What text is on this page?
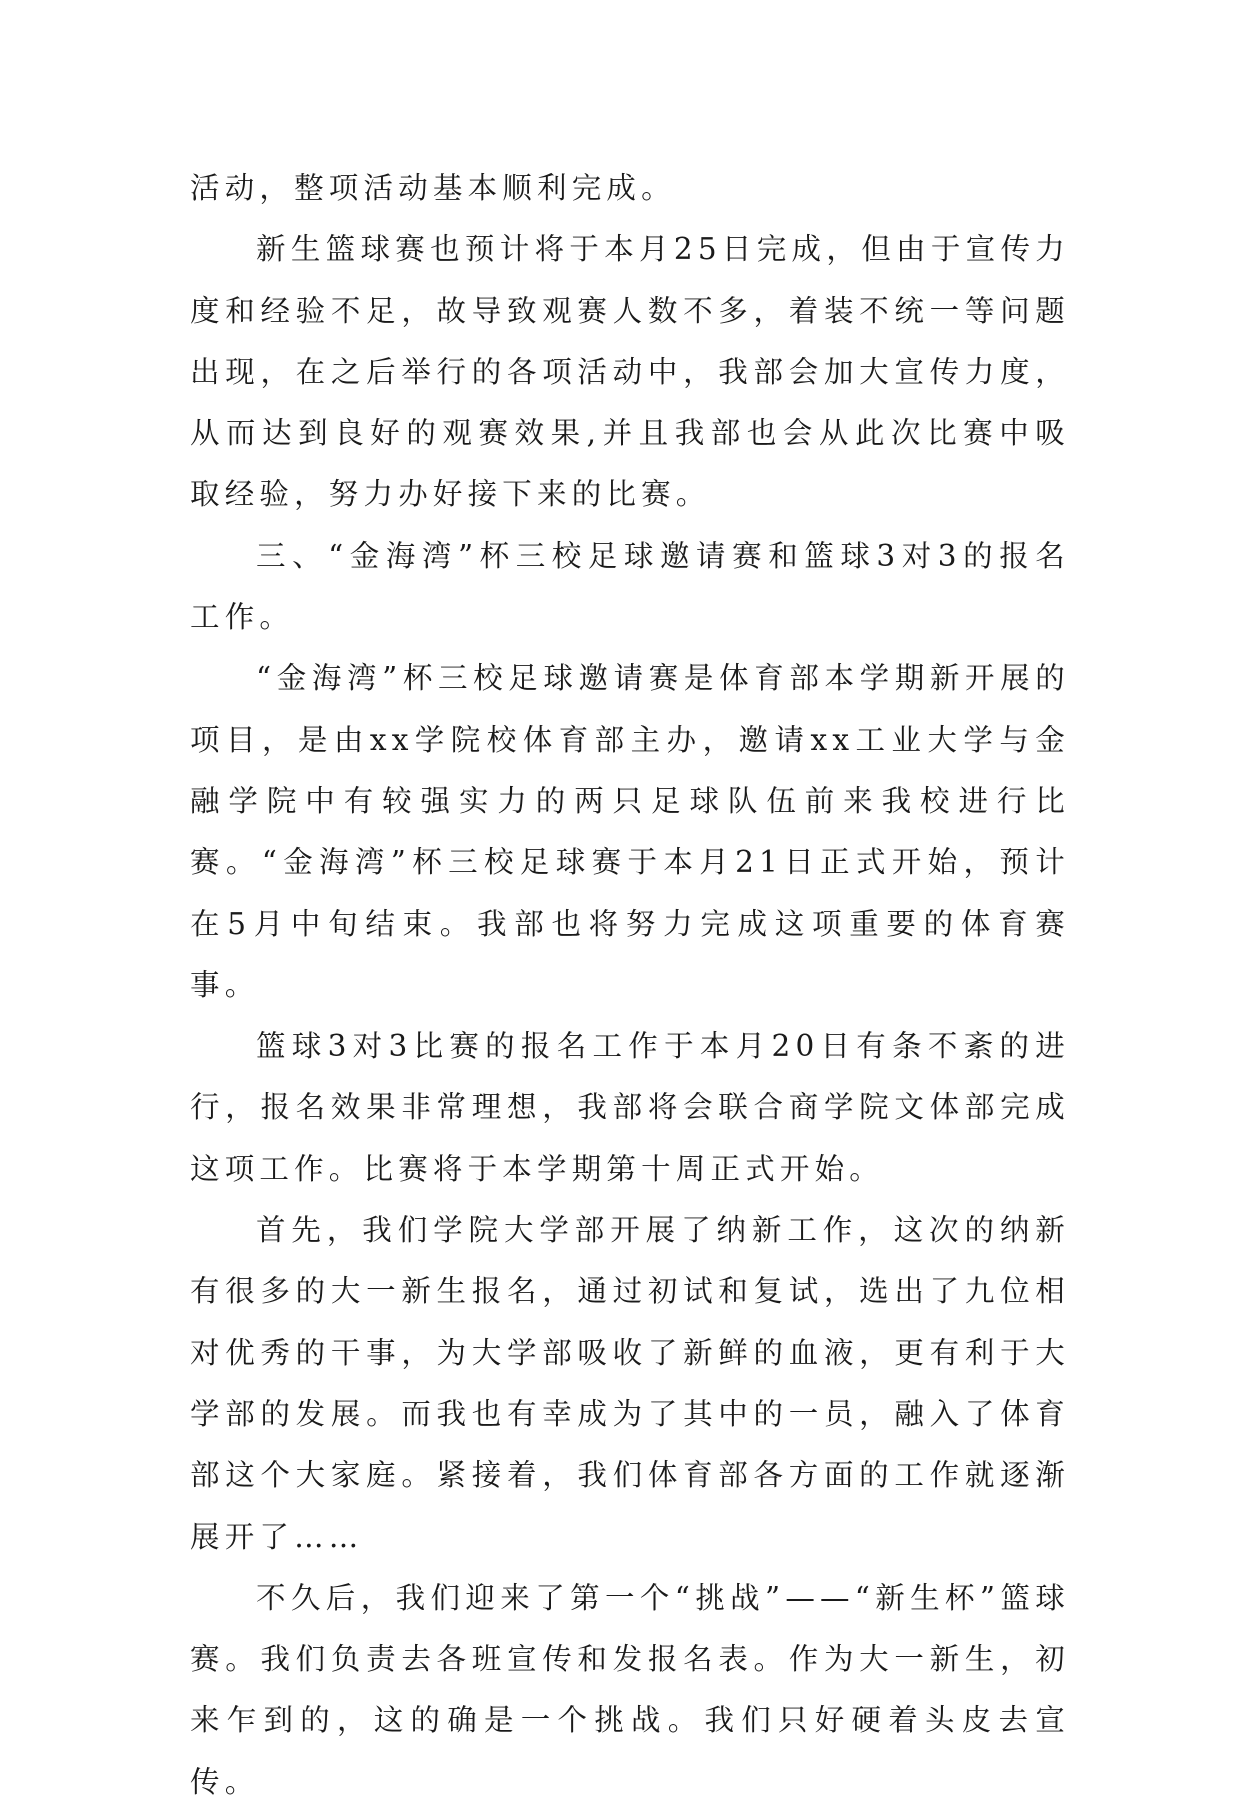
活动，整项活动基本顺利完成。

新生篮球赛也预计将于本月25日完成，但由于宣传力度和经验不足，故导致观赛人数不多，着装不统一等问题出现，在之后举行的各项活动中，我部会加大宣传力度，从而达到良好的观赛效果,并且我部也会从此次比赛中吸取经验，努力办好接下来的比赛。

三、“金海湾”杯三校足球邀请赛和篮球3对3的报名工作。

“金海湾”杯三校足球邀请赛是体育部本学期新开展的项目，是由xx学院校体育部主办，邀请xx工业大学与金融学院中有较强实力的两只足球队伍前来我校进行比赛。“金海湾”杯三校足球赛于本月21日正式开始，预计在5月中旬结束。我部也将努力完成这项重要的体育赛事。

篮球3对3比赛的报名工作于本月20日有条不紊的进行，报名效果非常理想，我部将会联合商学院文体部完成这项工作。比赛将于本学期第十周正式开始。

首先，我们学院大学部开展了纳新工作，这次的纳新有很多的大一新生报名，通过初试和复试，选出了九位相对优秀的干事，为大学部吸收了新鲜的血液，更有利于大学部的发展。而我也有幸成为了其中的一员，融入了体育部这个大家庭。紧接着，我们体育部各方面的工作就逐渐展开了……

不久后，我们迎来了第一个“挑战”——“新生杯”篮球赛。我们负责去各班宣传和发报名表。作为大一新生，初来乍到的，这的确是一个挑战。我们只好硬着头皮去宣传。
